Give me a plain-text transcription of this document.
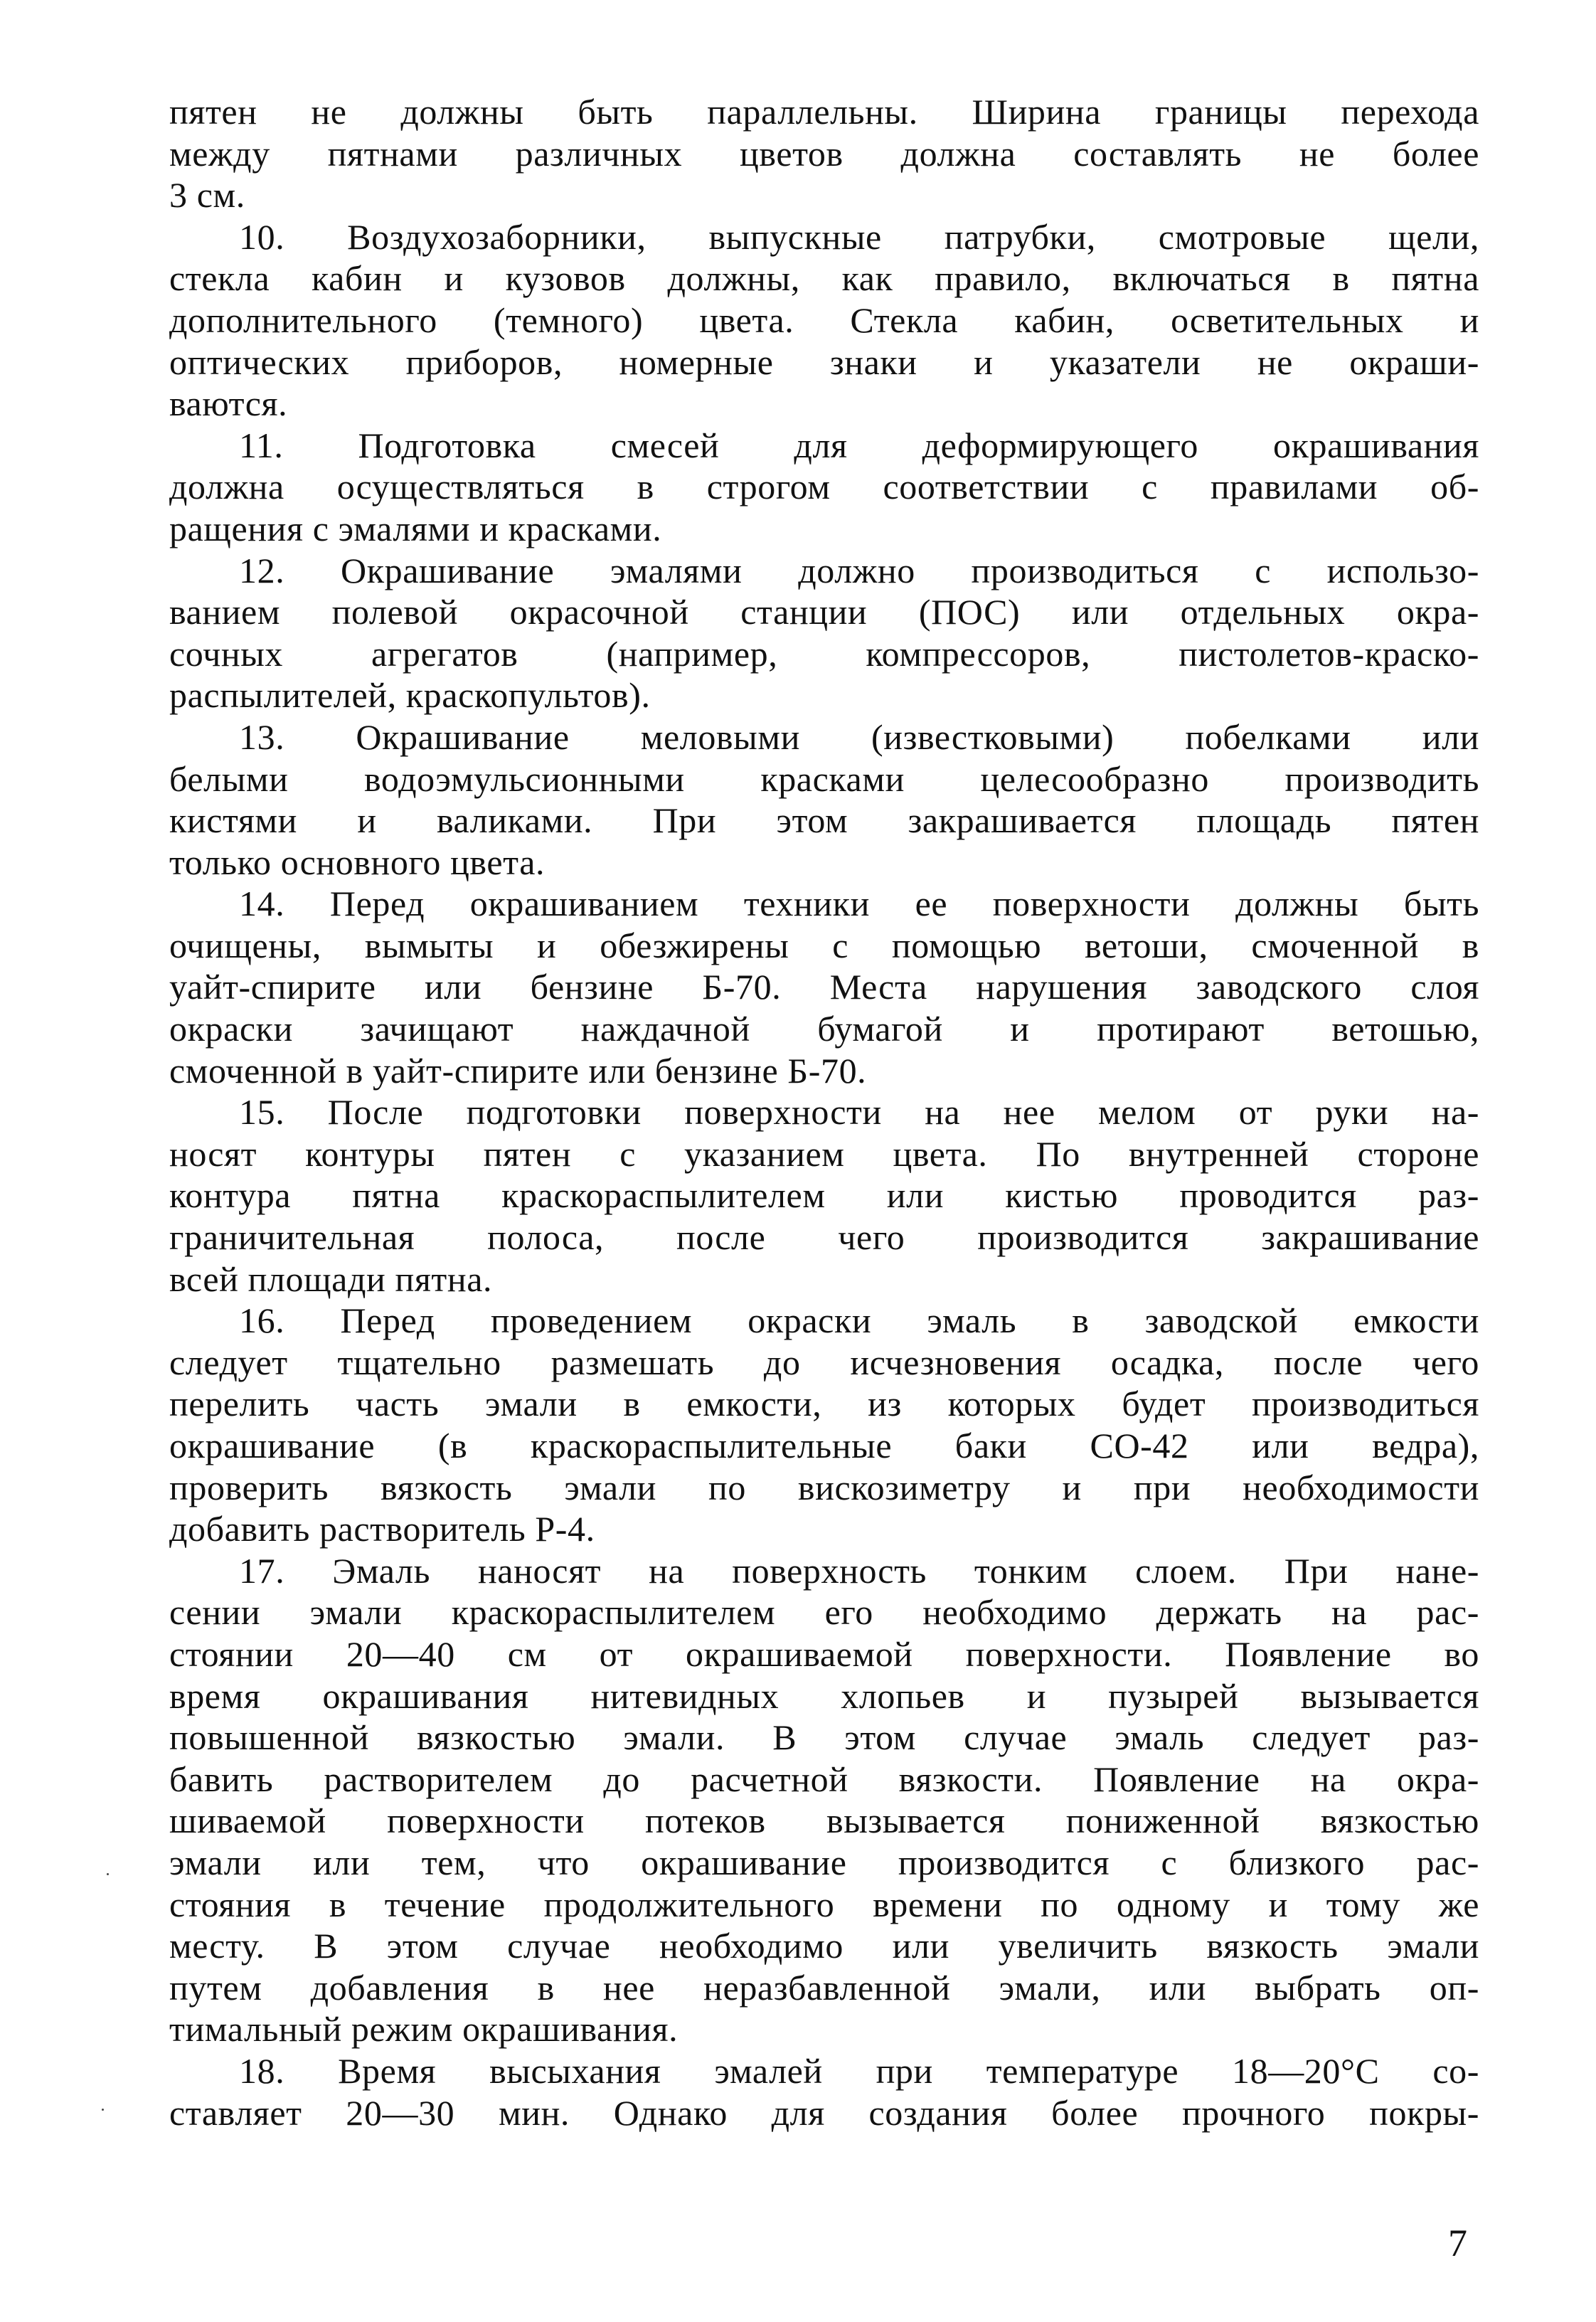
пятен не должны быть параллельны. Ширина границы перехода
между пятнами различных цветов должна составлять не более
3 см.
10. Воздухозаборники, выпускные патрубки, смотровые щели,
стекла кабин и кузовов должны, как правило, включаться в пятна
дополнительного (темного) цвета. Стекла кабин, осветительных и
оптических приборов, номерные знаки и указатели не окраши-
ваются.
11. Подготовка смесей для деформирующего окрашивания
должна осуществляться в строгом соответствии с правилами об-
ращения с эмалями и красками.
12. Окрашивание эмалями должно производиться с использо-
ванием полевой окрасочной станции (ПОС) или отдельных окра-
сочных агрегатов (например, компрессоров, пистолетов-краско-
распылителей, краскопультов).
13. Окрашивание меловыми (известковыми) побелками или
белыми водоэмульсионными красками целесообразно производить
кистями и валиками. При этом закрашивается площадь пятен
только основного цвета.
14. Перед окрашиванием техники ее поверхности должны быть
очищены, вымыты и обезжирены с помощью ветоши, смоченной в
уайт-спирите или бензине Б-70. Места нарушения заводского слоя
окраски зачищают наждачной бумагой и протирают ветошью,
смоченной в уайт-спирите или бензине Б-70.
15. После подготовки поверхности на нее мелом от руки на-
носят контуры пятен с указанием цвета. По внутренней стороне
контура пятна краскораспылителем или кистью проводится раз-
граничительная полоса, после чего производится закрашивание
всей площади пятна.
16. Перед проведением окраски эмаль в заводской емкости
следует тщательно размешать до исчезновения осадка, после чего
перелить часть эмали в емкости, из которых будет производиться
окрашивание (в краскораспылительные баки СО-42 или ведра),
проверить вязкость эмали по вискозиметру и при необходимости
добавить растворитель Р-4.
17. Эмаль наносят на поверхность тонким слоем. При нане-
сении эмали краскораспылителем его необходимо держать на рас-
стоянии 20—40 см от окрашиваемой поверхности. Появление во
время окрашивания нитевидных хлопьев и пузырей вызывается
повышенной вязкостью эмали. В этом случае эмаль следует раз-
бавить растворителем до расчетной вязкости. Появление на окра-
шиваемой поверхности потеков вызывается пониженной вязкостью
эмали или тем, что окрашивание производится с близкого рас-
стояния в течение продолжительного времени по одному и тому же
месту. В этом случае необходимо или увеличить вязкость эмали
путем добавления в нее неразбавленной эмали, или выбрать оп-
тимальный режим окрашивания.
18. Время высыхания эмалей при температуре 18—20°С со-
ставляет 20—30 мин. Однако для создания более прочного покры-
7
